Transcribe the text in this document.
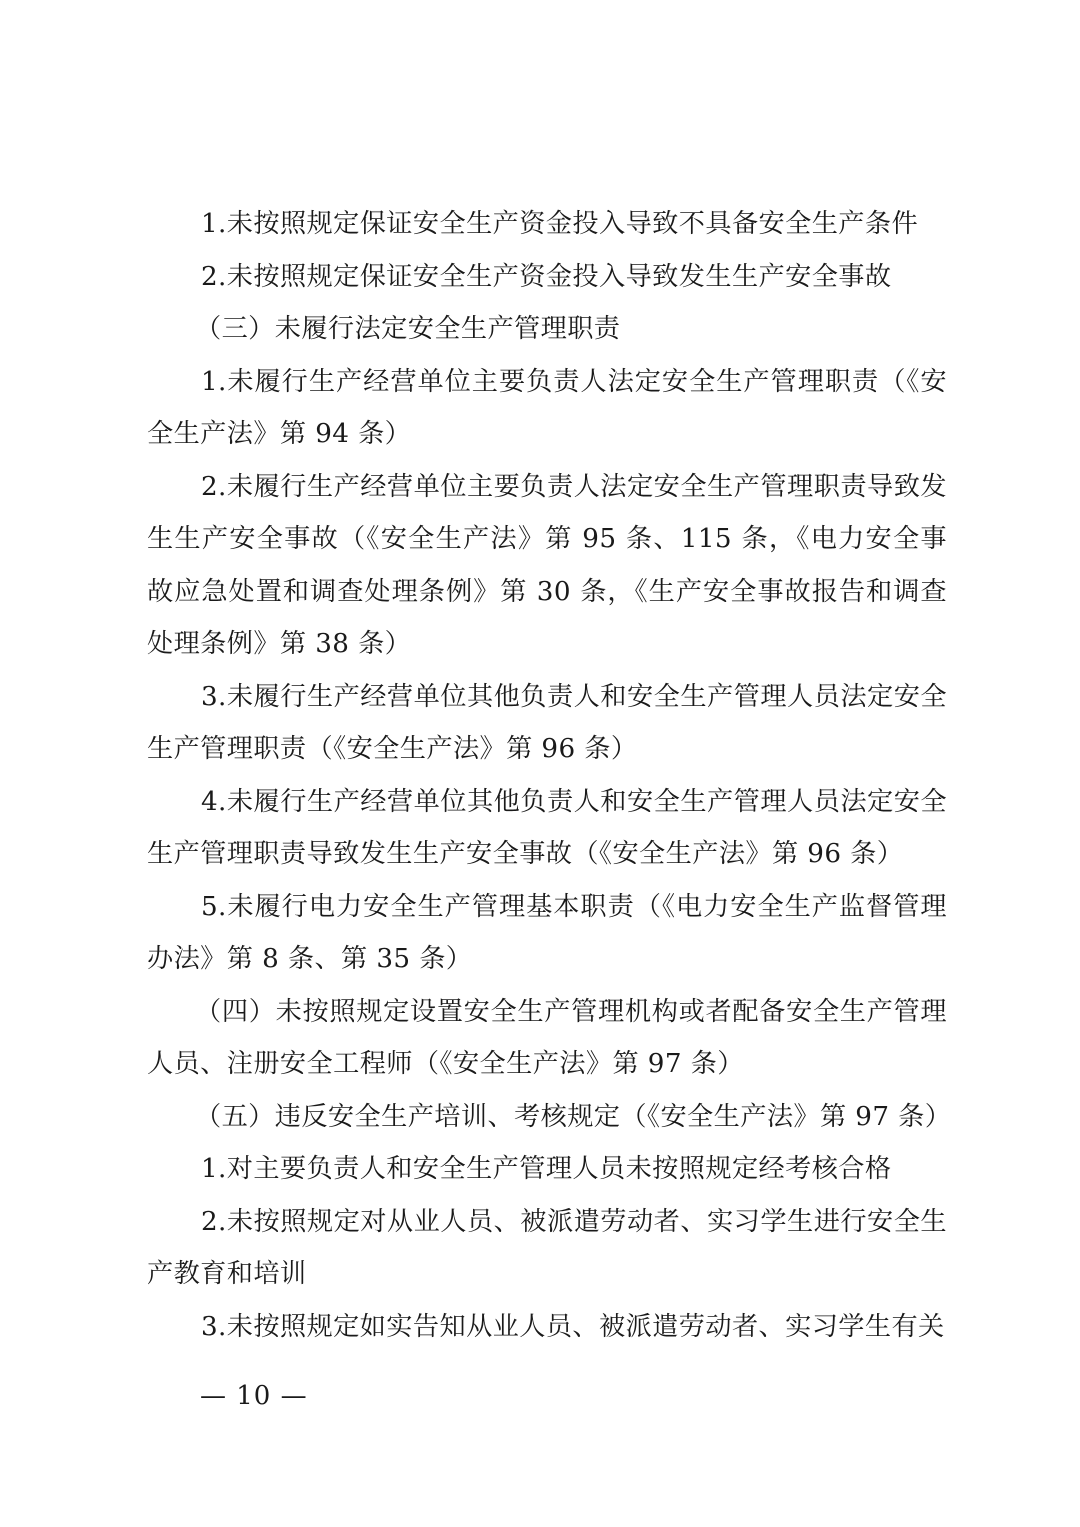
1.未按照规定保证安全生产资金投入导致不具备安全生产条件

2.未按照规定保证安全生产资金投入导致发生生产安全事故

（三）未履行法定安全生产管理职责

1.未履行生产经营单位主要负责人法定安全生产管理职责（《安全生产法》第 94 条）

2.未履行生产经营单位主要负责人法定安全生产管理职责导致发生生产安全事故（《安全生产法》第 95 条、115 条，《电力安全事故应急处置和调查处理条例》第 30 条，《生产安全事故报告和调查处理条例》第 38 条）

3.未履行生产经营单位其他负责人和安全生产管理人员法定安全生产管理职责（《安全生产法》第 96 条）

4.未履行生产经营单位其他负责人和安全生产管理人员法定安全生产管理职责导致发生生产安全事故（《安全生产法》第 96 条）

5.未履行电力安全生产管理基本职责（《电力安全生产监督管理办法》第 8 条、第 35 条）

（四）未按照规定设置安全生产管理机构或者配备安全生产管理人员、注册安全工程师（《安全生产法》第 97 条）

（五）违反安全生产培训、考核规定（《安全生产法》第 97 条）

1.对主要负责人和安全生产管理人员未按照规定经考核合格

2.未按照规定对从业人员、被派遣劳动者、实习学生进行安全生产教育和培训

3.未按照规定如实告知从业人员、被派遣劳动者、实习学生有关

— 10 —
